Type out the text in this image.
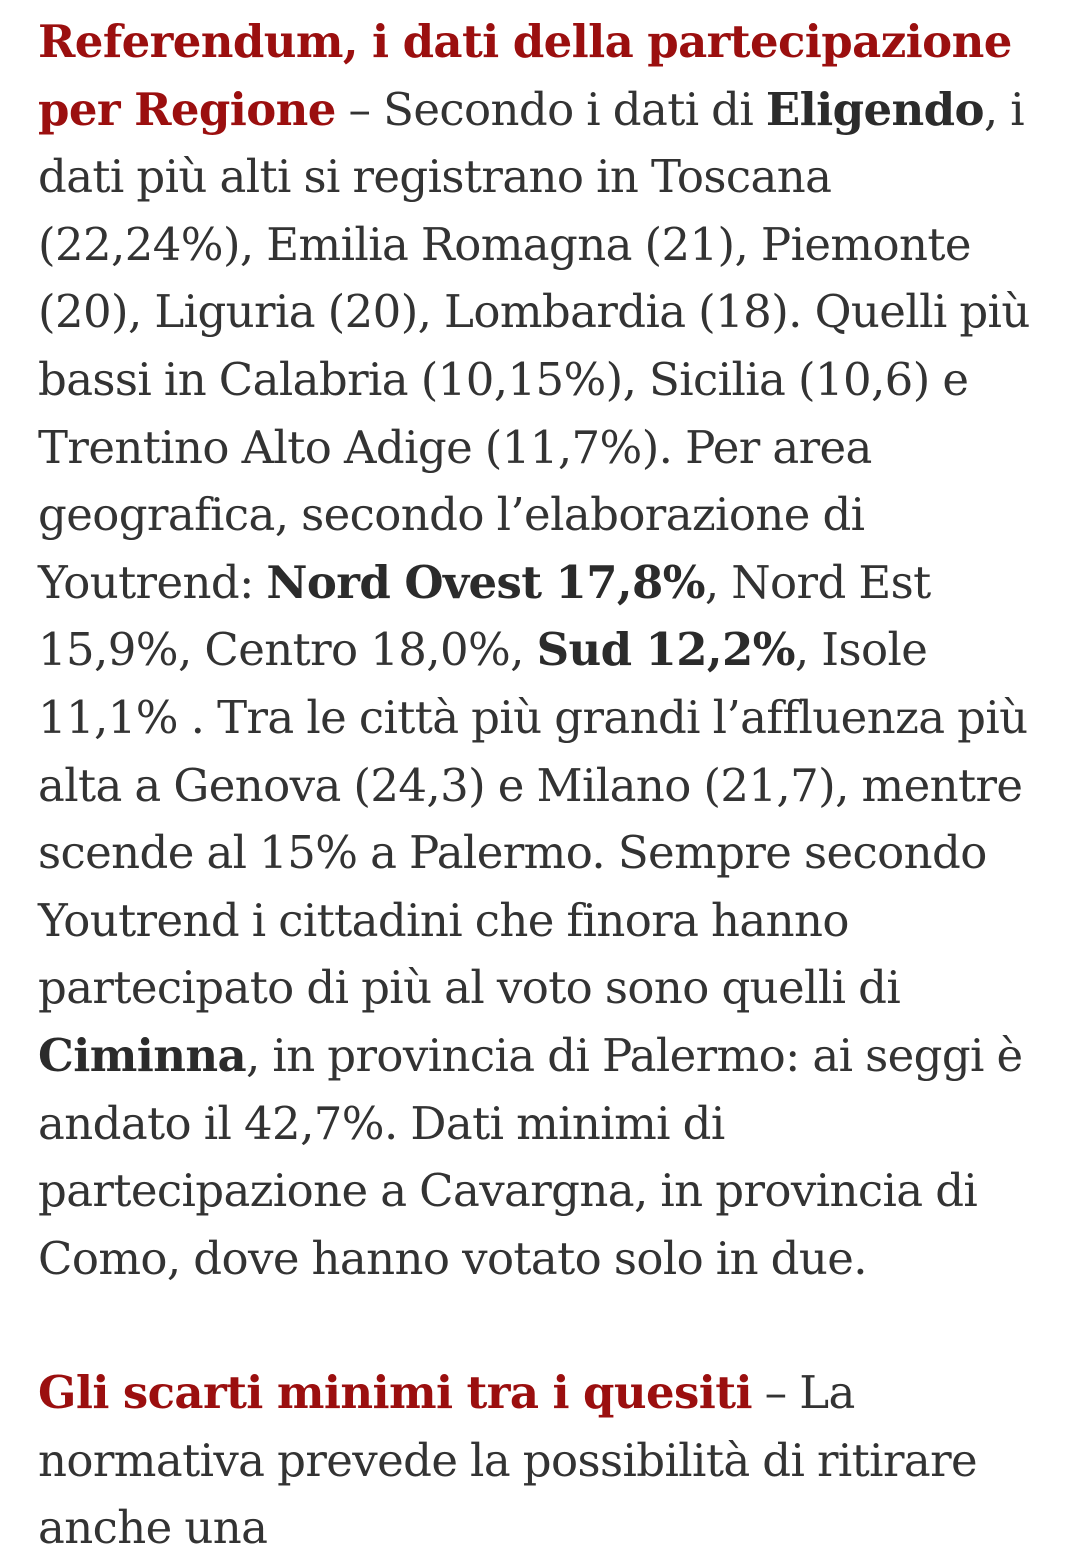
Referendum, i dati della partecipazione per Regione – Secondo i dati di Eligendo, i dati più alti si registrano in Toscana (22,24%), Emilia Romagna (21), Piemonte (20), Liguria (20), Lombardia (18). Quelli più bassi in Calabria (10,15%), Sicilia (10,6) e Trentino Alto Adige (11,7%). Per area geografica, secondo l’elaborazione di Youtrend: Nord Ovest 17,8%, Nord Est 15,9%, Centro 18,0%, Sud 12,2%, Isole 11,1% . Tra le città più grandi l’affluenza più alta a Genova (24,3) e Milano (21,7), mentre scende al 15% a Palermo. Sempre secondo Youtrend i cittadini che finora hanno partecipato di più al voto sono quelli di Ciminna, in provincia di Palermo: ai seggi è andato il 42,7%. Dati minimi di partecipazione a Cavargna, in provincia di Como, dove hanno votato solo in due.

Gli scarti minimi tra i quesiti – La normativa prevede la possibilità di ritirare anche una
